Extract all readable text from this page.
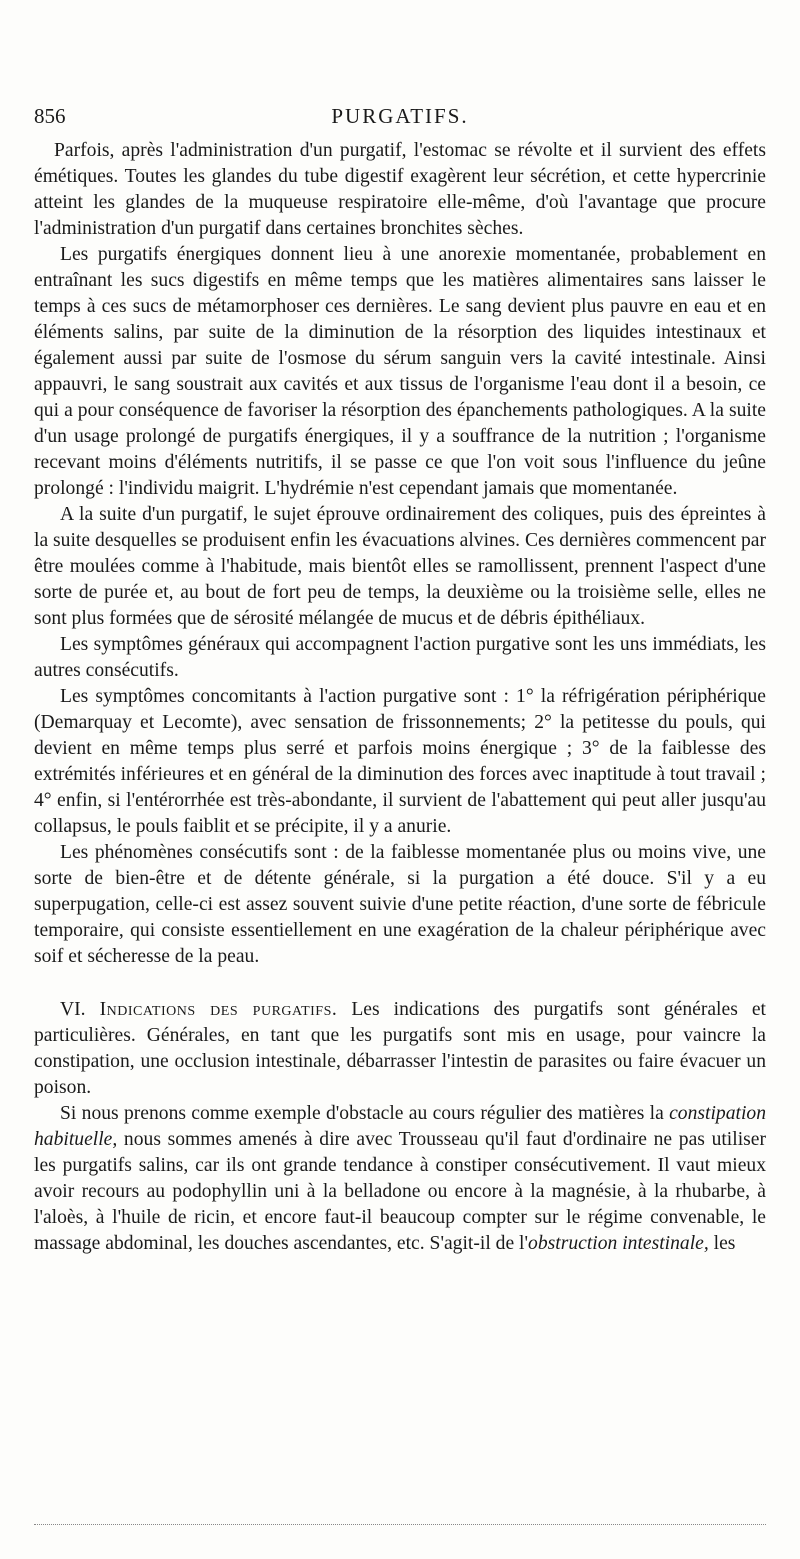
856	PURGATIFS.

Parfois, après l'administration d'un purgatif, l'estomac se révolte et il survient des effets émétiques. Toutes les glandes du tube digestif exagèrent leur sécrétion, et cette hypercrinie atteint les glandes de la muqueuse respiratoire elle-même, d'où l'avantage que procure l'administration d'un purgatif dans certaines bronchites sèches.

Les purgatifs énergiques donnent lieu à une anorexie momentanée, probablement en entraînant les sucs digestifs en même temps que les matières alimentaires sans laisser le temps à ces sucs de métamorphoser ces dernières. Le sang devient plus pauvre en eau et en éléments salins, par suite de la diminution de la résorption des liquides intestinaux et également aussi par suite de l'osmose du sérum sanguin vers la cavité intestinale. Ainsi appauvri, le sang soustrait aux cavités et aux tissus de l'organisme l'eau dont il a besoin, ce qui a pour conséquence de favoriser la résorption des épanchements pathologiques. A la suite d'un usage prolongé de purgatifs énergiques, il y a souffrance de la nutrition ; l'organisme recevant moins d'éléments nutritifs, il se passe ce que l'on voit sous l'influence du jeûne prolongé : l'individu maigrit. L'hydrémie n'est cependant jamais que momentanée.

A la suite d'un purgatif, le sujet éprouve ordinairement des coliques, puis des épreintes à la suite desquelles se produisent enfin les évacuations alvines. Ces dernières commencent par être moulées comme à l'habitude, mais bientôt elles se ramollissent, prennent l'aspect d'une sorte de purée et, au bout de fort peu de temps, la deuxième ou la troisième selle, elles ne sont plus formées que de sérosité mélangée de mucus et de débris épithéliaux.

Les symptômes généraux qui accompagnent l'action purgative sont les uns immédiats, les autres consécutifs.

Les symptômes concomitants à l'action purgative sont : 1° la réfrigération périphérique (Demarquay et Lecomte), avec sensation de frissonnements; 2° la petitesse du pouls, qui devient en même temps plus serré et parfois moins énergique ; 3° de la faiblesse des extrémités inférieures et en général de la diminution des forces avec inaptitude à tout travail ; 4° enfin, si l'entérorrhée est très-abondante, il survient de l'abattement qui peut aller jusqu'au collapsus, le pouls faiblit et se précipite, il y a anurie.

Les phénomènes consécutifs sont : de la faiblesse momentanée plus ou moins vive, une sorte de bien-être et de détente générale, si la purgation a été douce. S'il y a eu superpugation, celle-ci est assez souvent suivie d'une petite réaction, d'une sorte de fébricule temporaire, qui consiste essentiellement en une exagération de la chaleur périphérique avec soif et sécheresse de la peau.

VI. Indications des purgatifs. Les indications des purgatifs sont générales et particulières. Générales, en tant que les purgatifs sont mis en usage, pour vaincre la constipation, une occlusion intestinale, débarrasser l'intestin de parasites ou faire évacuer un poison.

Si nous prenons comme exemple d'obstacle au cours régulier des matières la constipation habituelle, nous sommes amenés à dire avec Trousseau qu'il faut d'ordinaire ne pas utiliser les purgatifs salins, car ils ont grande tendance à constiper consécutivement. Il vaut mieux avoir recours au podophyllin uni à la belladone ou encore à la magnésie, à la rhubarbe, à l'aloès, à l'huile de ricin, et encore faut-il beaucoup compter sur le régime convenable, le massage abdominal, les douches ascendantes, etc. S'agit-il de l'obstruction intestinale, les
